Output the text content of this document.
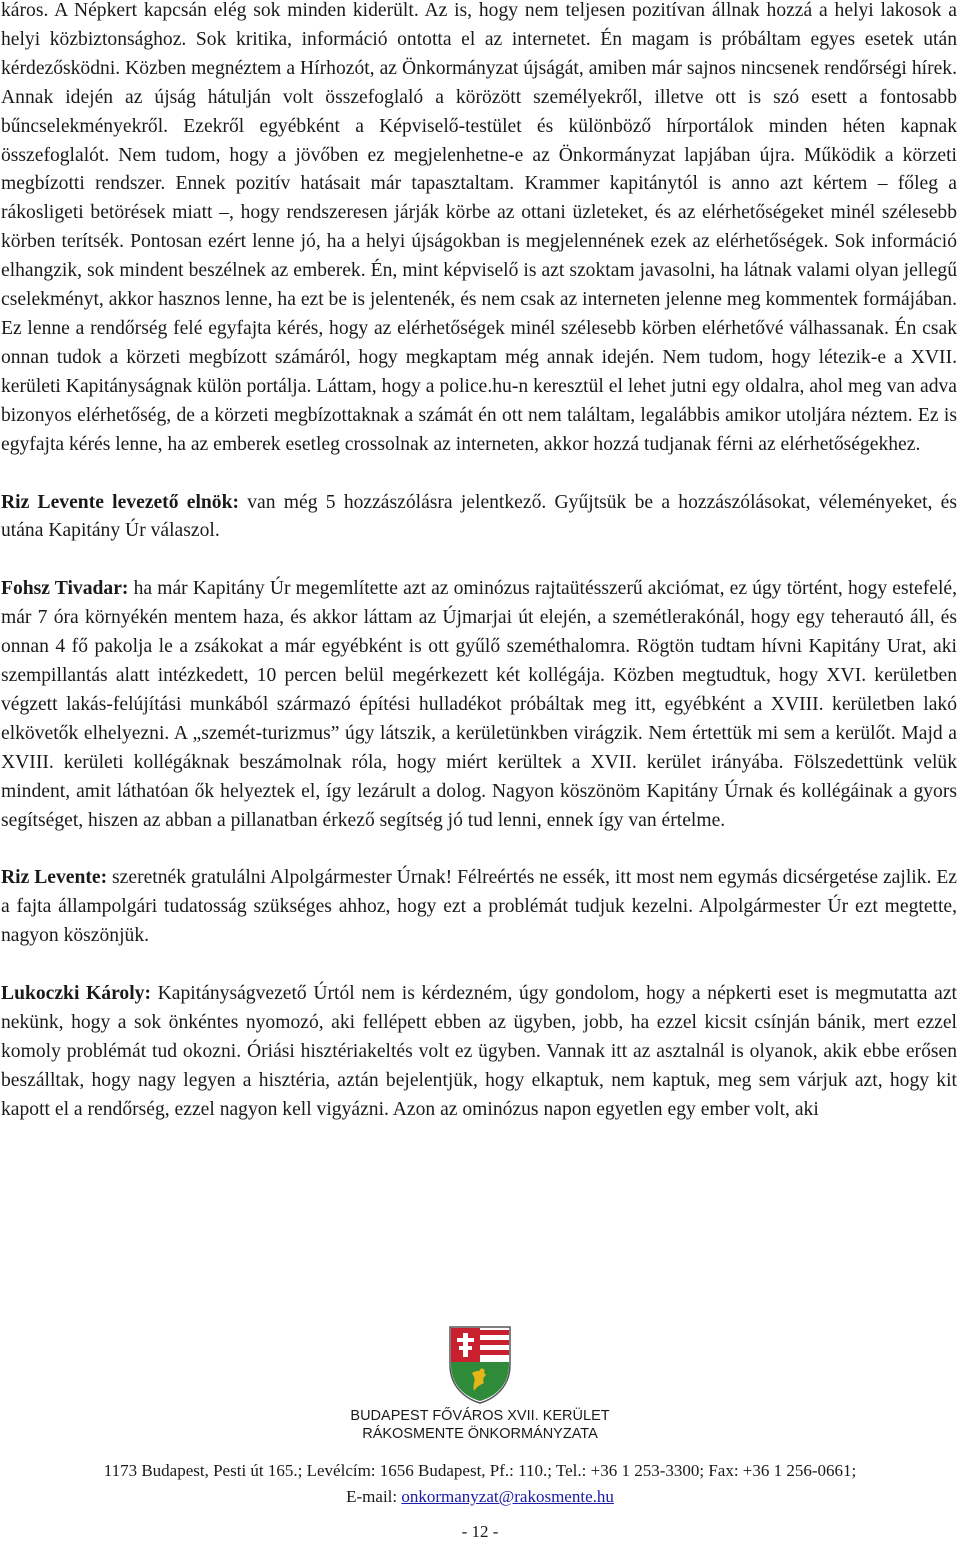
káros. A Népkert kapcsán elég sok minden kiderült. Az is, hogy nem teljesen pozitívan állnak hozzá a helyi lakosok a helyi közbiztonsághoz. Sok kritika, információ ontotta el az internetet. Én magam is próbáltam egyes esetek után kérdezősködni. Közben megnéztem a Hírhozót, az Önkormányzat újságát, amiben már sajnos nincsenek rendőrségi hírek. Annak idején az újság hátulján volt összefoglaló a körözött személyekről, illetve ott is szó esett a fontosabb bűncselekményekről. Ezekről egyébként a Képviselő-testület és különböző hírportálok minden héten kapnak összefoglalót. Nem tudom, hogy a jövőben ez megjelenhetne-e az Önkormányzat lapjában újra. Működik a körzeti megbízotti rendszer. Ennek pozitív hatásait már tapasztaltam. Krammer kapitánytól is anno azt kértem – főleg a rákosligeti betörések miatt –, hogy rendszeresen járják körbe az ottani üzleteket, és az elérhetőségeket minél szélesebb körben terítsék. Pontosan ezért lenne jó, ha a helyi újságokban is megjelennének ezek az elérhetőségek. Sok információ elhangzik, sok mindent beszélnek az emberek. Én, mint képviselő is azt szoktam javasolni, ha látnak valami olyan jellegű cselekményt, akkor hasznos lenne, ha ezt be is jelentenék, és nem csak az interneten jelenne meg kommentek formájában. Ez lenne a rendőrség felé egyfajta kérés, hogy az elérhetőségek minél szélesebb körben elérhetővé válhassanak. Én csak onnan tudok a körzeti megbízott számáról, hogy megkaptam még annak idején. Nem tudom, hogy létezik-e a XVII. kerületi Kapitányságnak külön portálja. Láttam, hogy a police.hu-n keresztül el lehet jutni egy oldalra, ahol meg van adva bizonyos elérhetőség, de a körzeti megbízottaknak a számát én ott nem találtam, legalábbis amikor utoljára néztem. Ez is egyfajta kérés lenne, ha az emberek esetleg crossolnak az interneten, akkor hozzá tudjanak férni az elérhetőségekhez.

Riz Levente levezető elnök: van még 5 hozzászólásra jelentkező. Gyűjtsük be a hozzászólásokat, véleményeket, és utána Kapitány Úr válaszol.

Fohsz Tivadar: ha már Kapitány Úr megemlítette azt az ominózus rajtaütésszerű akciómat, ez úgy történt, hogy estefelé, már 7 óra környékén mentem haza, és akkor láttam az Újmarjai út elején, a szemétlerakónál, hogy egy teherautó áll, és onnan 4 fő pakolja le a zsákokat a már egyébként is ott gyűlő szeméthalomra. Rögtön tudtam hívni Kapitány Urat, aki szempillantás alatt intézkedett, 10 percen belül megérkezett két kollégája. Közben megtudtuk, hogy XVI. kerületben végzett lakás-felújítási munkából származó építési hulladékot próbáltak meg itt, egyébként a XVIII. kerületben lakó elkövetők elhelyezni. A „szemét-turizmus” úgy látszik, a kerületünkben virágzik. Nem értettük mi sem a kerülőt. Majd a XVIII. kerületi kollégáknak beszámolnak róla, hogy miért kerültek a XVII. kerület irányába. Fölszedettünk velük mindent, amit láthatóan ők helyeztek el, így lezárult a dolog. Nagyon köszönöm Kapitány Úrnak és kollégáinak a gyors segítséget, hiszen az abban a pillanatban érkező segítség jó tud lenni, ennek így van értelme.

Riz Levente: szeretnék gratulálni Alpolgármester Úrnak! Félreértés ne essék, itt most nem egymás dicsérgetése zajlik. Ez a fajta állampolgári tudatosság szükséges ahhoz, hogy ezt a problémát tudjuk kezelni. Alpolgármester Úr ezt megtette, nagyon köszönjük.

Lukoczki Károly: Kapitányságvezető Úrtól nem is kérdezném, úgy gondolom, hogy a népkerti eset is megmutatta azt nekünk, hogy a sok önkéntes nyomozó, aki fellépett ebben az ügyben, jobb, ha ezzel kicsit csínján bánik, mert ezzel komoly problémát tud okozni. Óriási hisztériakeltés volt ez ügyben. Vannak itt az asztalnál is olyanok, akik ebbe erősen beszálltak, hogy nagy legyen a hisztéria, aztán bejelentjük, hogy elkaptuk, nem kaptuk, meg sem várjuk azt, hogy kit kapott el a rendőrség, ezzel nagyon kell vigyázni. Azon az ominózus napon egyetlen egy ember volt, aki

BUDAPEST FŐVÁROS XVII. KERÜLET
RÁKOSMENTE ÖNKORMÁNYZATA
1173 Budapest, Pesti út 165.; Levélcím: 1656 Budapest, Pf.: 110.; Tel.: +36 1 253-3300; Fax: +36 1 256-0661;
E-mail: onkormanyzat@rakosmente.hu
- 12 -
